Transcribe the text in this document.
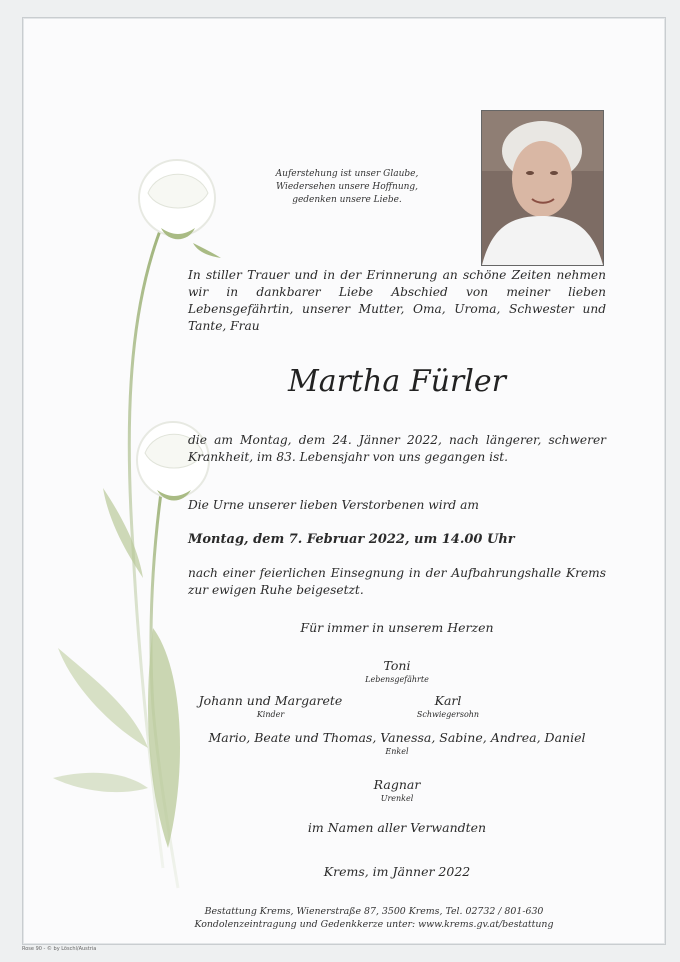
Auferstehung ist unser Glaube,
Wiedersehen unsere Hoffnung,
gedenken unsere Liebe.
In stiller Trauer und in der Erinnerung an schöne Zeiten nehmen wir in dankbarer Liebe Abschied von meiner lieben Lebensgefährtin, unserer Mutter, Oma, Uroma, Schwester und Tante, Frau
Martha Fürler
die am Montag, dem 24. Jänner 2022, nach längerer, schwerer Krankheit, im 83. Lebensjahr von uns gegangen ist.
Die Urne unserer lieben Verstorbenen wird am
Montag, dem 7. Februar 2022, um 14.00 Uhr
nach einer feierlichen Einsegnung in der Aufbahrungshalle Krems zur ewigen Ruhe beigesetzt.
Für immer in unserem Herzen
Toni
Lebensgefährte
Johann und Margarete
Kinder
Karl
Schwiegersohn
Mario, Beate und Thomas, Vanessa, Sabine, Andrea, Daniel
Enkel
Ragnar
Urenkel
im Namen aller Verwandten
Krems, im Jänner 2022
Bestattung Krems, Wienerstraße 87, 3500 Krems, Tel. 02732 / 801-630
Kondolenzeintragung und Gedenkkerze unter: www.krems.gv.at/bestattung
Rose 90 - © by Löschl/Austria
